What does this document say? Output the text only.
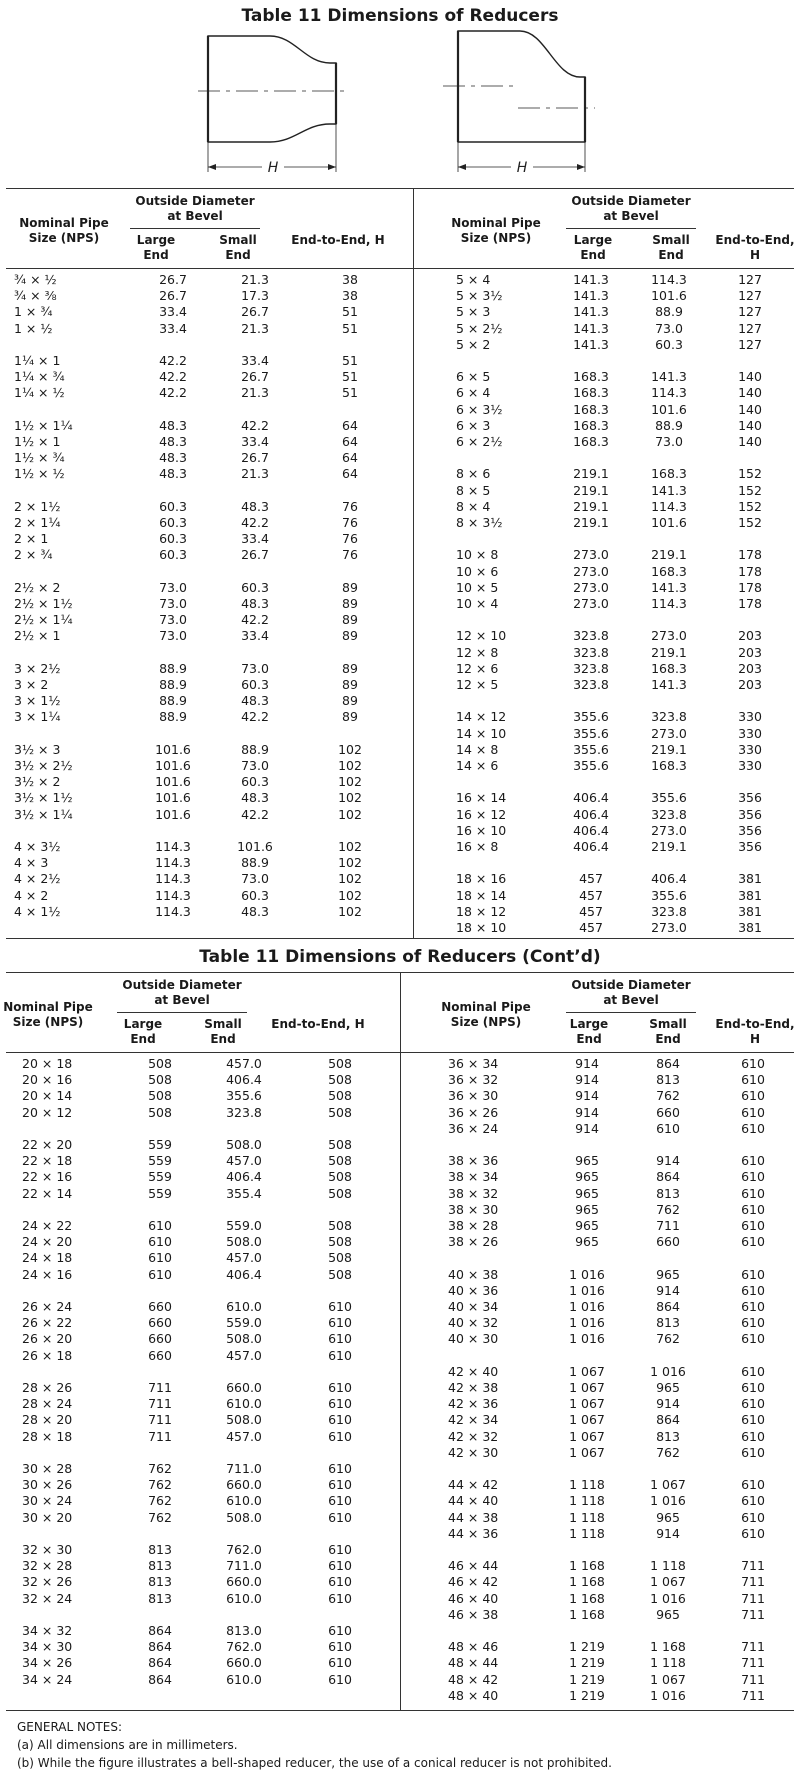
Table 11 Dimensions of Reducers
H	H
Nominal Pipe Size (NPS)
Outside Diameter at Bevel
Large End
Small End
End-to-End, H
Nominal Pipe Size (NPS)
Outside Diameter at Bevel
Large End
Small End
End-to-End, H
¾ × ½	26.7	21.3	38
¾ × ⅜	26.7	17.3	38
1 × ¾	33.4	26.7	51
1 × ½	33.4	21.3	51

1¼ × 1	42.2	33.4	51
1¼ × ¾	42.2	26.7	51
1¼ × ½	42.2	21.3	51

1½ × 1¼	48.3	42.2	64
1½ × 1	48.3	33.4	64
1½ × ¾	48.3	26.7	64
1½ × ½	48.3	21.3	64

2 × 1½	60.3	48.3	76
2 × 1¼	60.3	42.2	76
2 × 1	60.3	33.4	76
2 × ¾	60.3	26.7	76

2½ × 2	73.0	60.3	89
2½ × 1½	73.0	48.3	89
2½ × 1¼	73.0	42.2	89
2½ × 1	73.0	33.4	89

3 × 2½	88.9	73.0	89
3 × 2	88.9	60.3	89
3 × 1½	88.9	48.3	89
3 × 1¼	88.9	42.2	89

3½ × 3	101.6	88.9	102
3½ × 2½	101.6	73.0	102
3½ × 2	101.6	60.3	102
3½ × 1½	101.6	48.3	102
3½ × 1¼	101.6	42.2	102

4 × 3½	114.3	101.6	102
4 × 3	114.3	88.9	102
4 × 2½	114.3	73.0	102
4 × 2	114.3	60.3	102
4 × 1½	114.3	48.3	102
5 × 4	141.3	114.3	127
5 × 3½	141.3	101.6	127
5 × 3	141.3	88.9	127
5 × 2½	141.3	73.0	127
5 × 2	141.3	60.3	127

6 × 5	168.3	141.3	140
6 × 4	168.3	114.3	140
6 × 3½	168.3	101.6	140
6 × 3	168.3	88.9	140
6 × 2½	168.3	73.0	140

8 × 6	219.1	168.3	152
8 × 5	219.1	141.3	152
8 × 4	219.1	114.3	152
8 × 3½	219.1	101.6	152

10 × 8	273.0	219.1	178
10 × 6	273.0	168.3	178
10 × 5	273.0	141.3	178
10 × 4	273.0	114.3	178

12 × 10	323.8	273.0	203
12 × 8	323.8	219.1	203
12 × 6	323.8	168.3	203
12 × 5	323.8	141.3	203

14 × 12	355.6	323.8	330
14 × 10	355.6	273.0	330
14 × 8	355.6	219.1	330
14 × 6	355.6	168.3	330

16 × 14	406.4	355.6	356
16 × 12	406.4	323.8	356
16 × 10	406.4	273.0	356
16 × 8	406.4	219.1	356

18 × 16	457	406.4	381
18 × 14	457	355.6	381
18 × 12	457	323.8	381
18 × 10	457	273.0	381
Table 11 Dimensions of Reducers (Cont’d)
Nominal Pipe Size (NPS)
Outside Diameter at Bevel
Large End
Small End
End-to-End, H
Nominal Pipe Size (NPS)
Outside Diameter at Bevel
Large End
Small End
End-to-End, H
20 × 18	508	457.0	508
20 × 16	508	406.4	508
20 × 14	508	355.6	508
20 × 12	508	323.8	508

22 × 20	559	508.0	508
22 × 18	559	457.0	508
22 × 16	559	406.4	508
22 × 14	559	355.4	508

24 × 22	610	559.0	508
24 × 20	610	508.0	508
24 × 18	610	457.0	508
24 × 16	610	406.4	508

26 × 24	660	610.0	610
26 × 22	660	559.0	610
26 × 20	660	508.0	610
26 × 18	660	457.0	610

28 × 26	711	660.0	610
28 × 24	711	610.0	610
28 × 20	711	508.0	610
28 × 18	711	457.0	610

30 × 28	762	711.0	610
30 × 26	762	660.0	610
30 × 24	762	610.0	610
30 × 20	762	508.0	610

32 × 30	813	762.0	610
32 × 28	813	711.0	610
32 × 26	813	660.0	610
32 × 24	813	610.0	610

34 × 32	864	813.0	610
34 × 30	864	762.0	610
34 × 26	864	660.0	610
34 × 24	864	610.0	610
36 × 34	914	864	610
36 × 32	914	813	610
36 × 30	914	762	610
36 × 26	914	660	610
36 × 24	914	610	610

38 × 36	965	914	610
38 × 34	965	864	610
38 × 32	965	813	610
38 × 30	965	762	610
38 × 28	965	711	610
38 × 26	965	660	610

40 × 38	1 016	965	610
40 × 36	1 016	914	610
40 × 34	1 016	864	610
40 × 32	1 016	813	610
40 × 30	1 016	762	610

42 × 40	1 067	1 016	610
42 × 38	1 067	965	610
42 × 36	1 067	914	610
42 × 34	1 067	864	610
42 × 32	1 067	813	610
42 × 30	1 067	762	610

44 × 42	1 118	1 067	610
44 × 40	1 118	1 016	610
44 × 38	1 118	965	610
44 × 36	1 118	914	610

46 × 44	1 168	1 118	711
46 × 42	1 168	1 067	711
46 × 40	1 168	1 016	711
46 × 38	1 168	965	711

48 × 46	1 219	1 168	711
48 × 44	1 219	1 118	711
48 × 42	1 219	1 067	711
48 × 40	1 219	1 016	711
GENERAL NOTES:
(a) All dimensions are in millimeters.
(b) While the figure illustrates a bell-shaped reducer, the use of a conical reducer is not prohibited.
